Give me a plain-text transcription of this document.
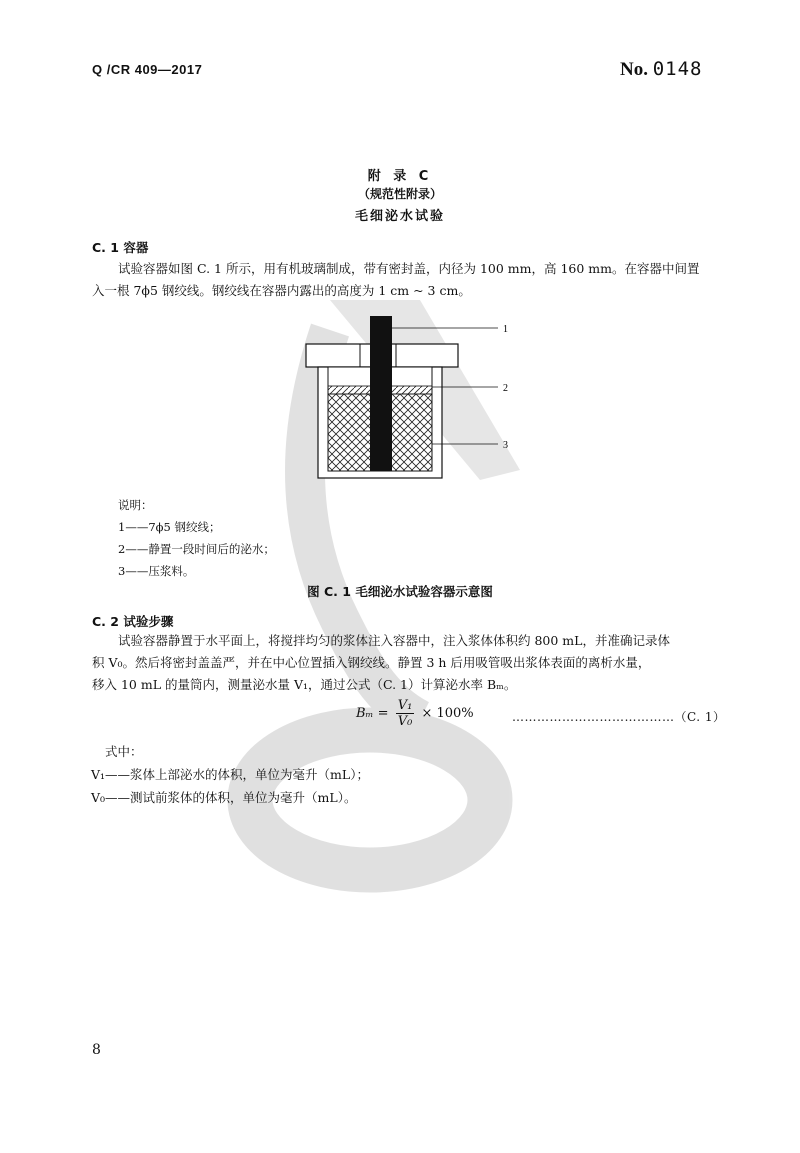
Q /CR 409—2017	No. 0148
附 录 C
（规范性附录）
毛细泌水试验
C. 1 容器

试验容器如图 C. 1 所示，用有机玻璃制成，带有密封盖，内径为 100 mm，高 160 mm。在容器中间置

入一根 7ϕ5 钢绞线。钢绞线在容器内露出的高度为 1 cm ~ 3 cm。

1
2
3
说明：
1——7ϕ5 钢绞线；
2——静置一段时间后的泌水；
3——压浆料。
图 C. 1 毛细泌水试验容器示意图
C. 2 试验步骤

试验容器静置于水平面上，将搅拌均匀的浆体注入容器中，注入浆体体积约 800 mL，并准确记录体

积 V₀。然后将密封盖盖严，并在中心位置插入钢绞线。静置 3 h 后用吸管吸出浆体表面的离析水量，

移入 10 mL 的量筒内，测量泌水量 V₁，通过公式（C. 1）计算泌水率 Bₘ。

$B_m = \frac{\text{V₁}}{\text{V₀}} \times 100\%$	…………………………………（C. 1）
式中：
V₁——浆体上部泌水的体积，单位为毫升（mL）；
V₀——测试前浆体的体积，单位为毫升（mL）。
8
